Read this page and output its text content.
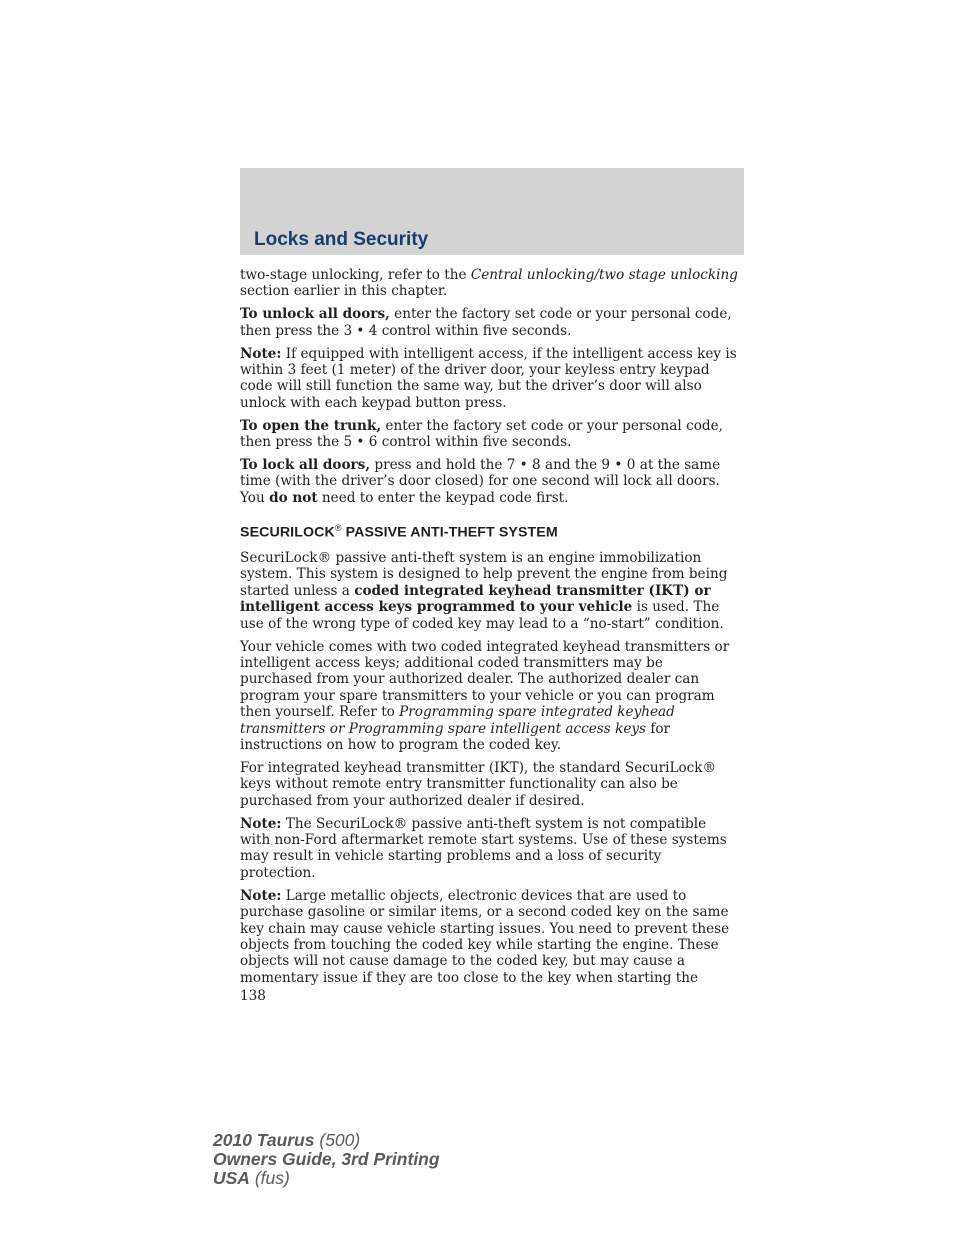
Locks and Security

two-stage unlocking, refer to the Central unlocking/two stage unlocking section earlier in this chapter.

To unlock all doors, enter the factory set code or your personal code, then press the 3 • 4 control within five seconds.

Note: If equipped with intelligent access, if the intelligent access key is within 3 feet (1 meter) of the driver door, your keyless entry keypad code will still function the same way, but the driver’s door will also unlock with each keypad button press.

To open the trunk, enter the factory set code or your personal code, then press the 5 • 6 control within five seconds.

To lock all doors, press and hold the 7 • 8 and the 9 • 0 at the same time (with the driver’s door closed) for one second will lock all doors. You do not need to enter the keypad code first.

SECURILOCK® PASSIVE ANTI-THEFT SYSTEM

SecuriLock® passive anti-theft system is an engine immobilization system. This system is designed to help prevent the engine from being started unless a coded integrated keyhead transmitter (IKT) or intelligent access keys programmed to your vehicle is used. The use of the wrong type of coded key may lead to a “no-start” condition.

Your vehicle comes with two coded integrated keyhead transmitters or intelligent access keys; additional coded transmitters may be purchased from your authorized dealer. The authorized dealer can program your spare transmitters to your vehicle or you can program then yourself. Refer to Programming spare integrated keyhead transmitters or Programming spare intelligent access keys for instructions on how to program the coded key.

For integrated keyhead transmitter (IKT), the standard SecuriLock® keys without remote entry transmitter functionality can also be purchased from your authorized dealer if desired.

Note: The SecuriLock® passive anti-theft system is not compatible with non-Ford aftermarket remote start systems. Use of these systems may result in vehicle starting problems and a loss of security protection.

Note: Large metallic objects, electronic devices that are used to purchase gasoline or similar items, or a second coded key on the same key chain may cause vehicle starting issues. You need to prevent these objects from touching the coded key while starting the engine. These objects will not cause damage to the coded key, but may cause a momentary issue if they are too close to the key when starting the

138
2010 Taurus (500)
Owners Guide, 3rd Printing
USA (fus)
